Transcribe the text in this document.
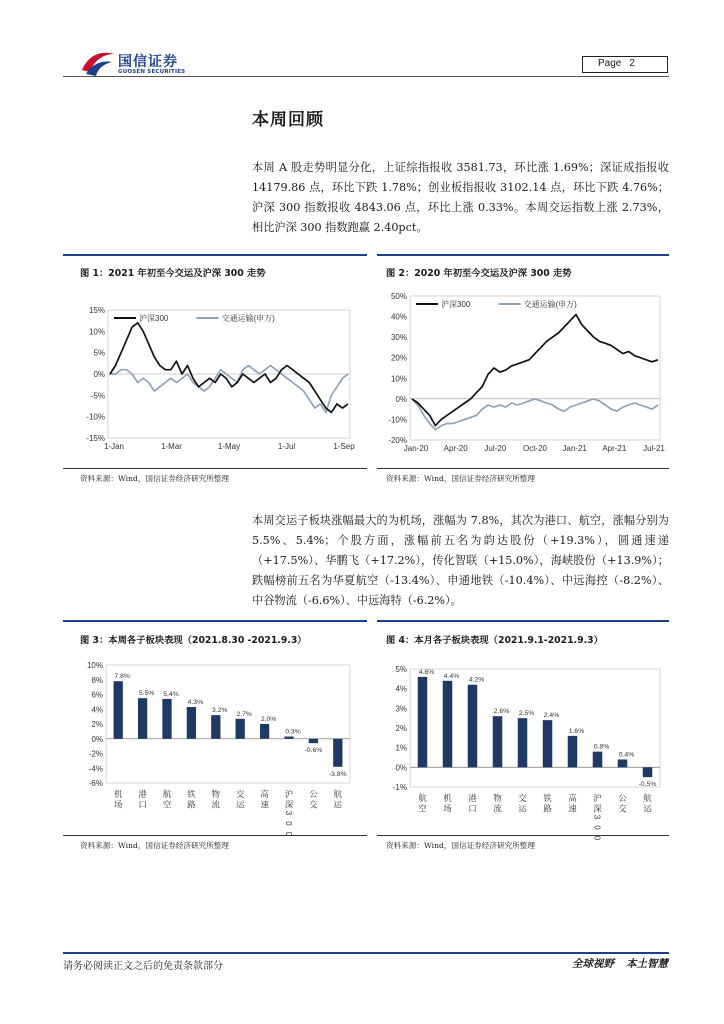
国信证券
GUOSEN SECURITIES
Page 2
本周回顾
本周 A 股走势明显分化，上证综指报收 3581.73，环比涨 1.69%；深证成指报收 14179.86 点，环比下跌 1.78%；创业板指报收 3102.14 点，环比下跌 4.76%；沪深 300 指数报收 4843.06 点，环比上涨 0.33%。本周交运指数上涨 2.73%，相比沪深 300 指数跑赢 2.40pct。
图 1：2021 年初至今交运及沪深 300 走势	图 2：2020 年初至今交运及沪深 300 走势
15%
10%
5%
0%
-5%
-10%
-15%
1-Jan	1-Mar	1-May	1-Jul	1-Sep
沪深300	交通运输(申万)
50%
40%
30%
20%
10%
0%
-10%
-20%
Jan-20 Apr-20 Jul-20 Oct-20 Jan-21 Apr-21 Jul-21
沪深300	交通运输(申万)
资料来源：Wind，国信证券经济研究所整理	资料来源：Wind，国信证券经济研究所整理
本周交运子板块涨幅最大的为机场，涨幅为 7.8%，其次为港口、航空，涨幅分别为 5.5%、5.4%；个股方面，涨幅前五名为韵达股份（+19.3%），圆通速递（+17.5%）、华鹏飞（+17.2%），传化智联（+15.0%），海峡股份（+13.9%）；跌幅榜前五名为华夏航空（-13.4%）、申通地铁（-10.4%）、中远海控（-8.2%）、中谷物流（-6.6%）、中远海特（-6.2%）。
图 3：本周各子板块表现（2021.8.30 -2021.9.3）	图 4：本月各子板块表现（2021.9.1-2021.9.3）
10%
8%
6%
4%
2%
0%
-2%
-4%
-6%
7.8%
机
场
5.5%
港
口
5.4%
航
空
4.3%
铁
路
3.2%
物
流
2.7%
交
运
2.0%
高
速
0.3%
沪
深
3
0
0
-0.6%
公
交
-3.8%
航
运
5%
4%
3%
2%
1%
0%
-1%
4.6%
航
空
4.4%
机
场
4.2%
港
口
2.6%
物
流
2.5%
交
运
2.4%
铁
路
1.6%
高
速
0.8%
沪
深
3
0
0
0.4%
公
交
-0.5%
航
运
资料来源：Wind，国信证券经济研究所整理	资料来源：Wind，国信证券经济研究所整理
请务必阅读正文之后的免责条款部分	全球视野 本土智慧
